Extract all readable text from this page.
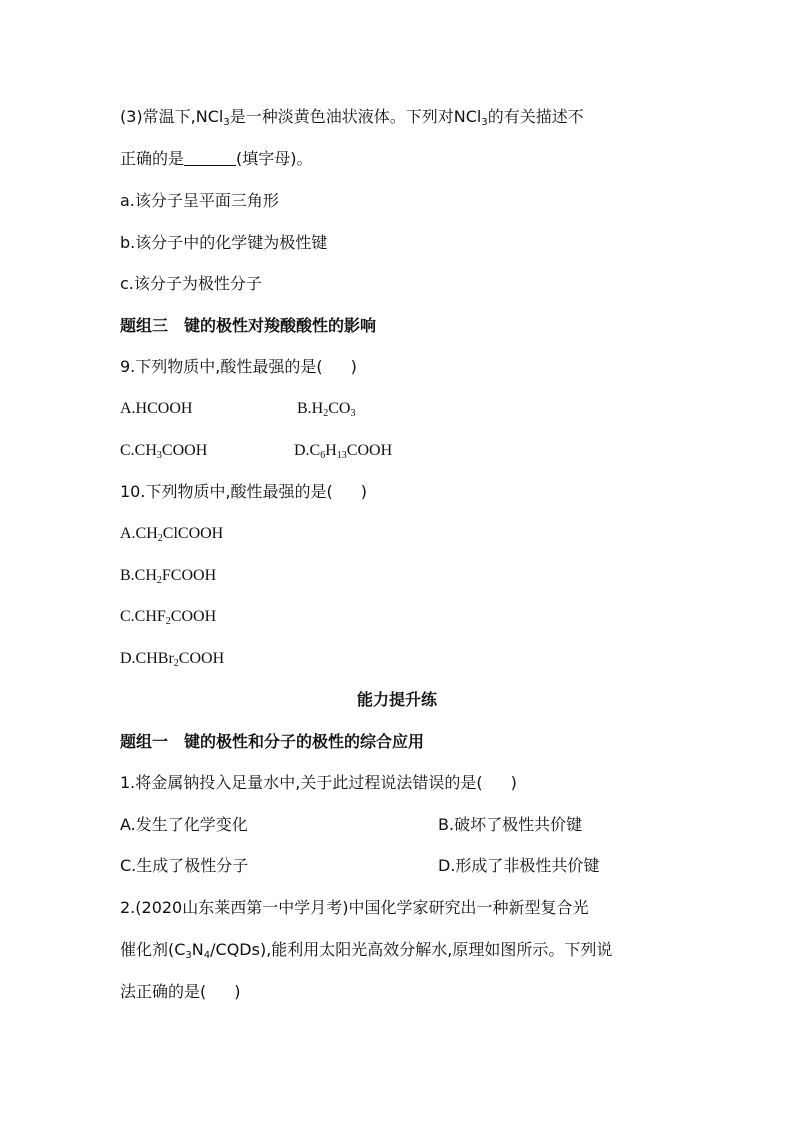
(3)常温下,NCl$_3$是一种淡黄色油状液体。下列对NCl$_3$的有关描述不
正确的是	(填字母)。
a.该分子呈平面三角形
b.该分子中的化学键为极性键
c.该分子为极性分子
题组三　键的极性对羧酸酸性的影响
9.下列物质中,酸性最强的是( )
A.HCOOH	$B.H_2CO_3$
$C.CH_3COOH$	$D.C_6H_{13}COOH$
10.下列物质中,酸性最强的是( )
$A.CH_2ClCOOH$
$B.CH_2FCOOH$
$C.CHF_2COOH$
D.CHBr$_2$COOH
能力提升练
题组一　键的极性和分子的极性的综合应用
1.将金属钠投入足量水中,关于此过程说法错误的是( )
A.发生了化学变化	B.破坏了极性共价键
C.生成了极性分子	D.形成了非极性共价键
2.(2020山东莱西第一中学月考)中国化学家研究出一种新型复合光
催化剂$(C_3N_4/CQDs)$,能利用太阳光高效分解水,原理如图所示。下列说
法正确的是( )
